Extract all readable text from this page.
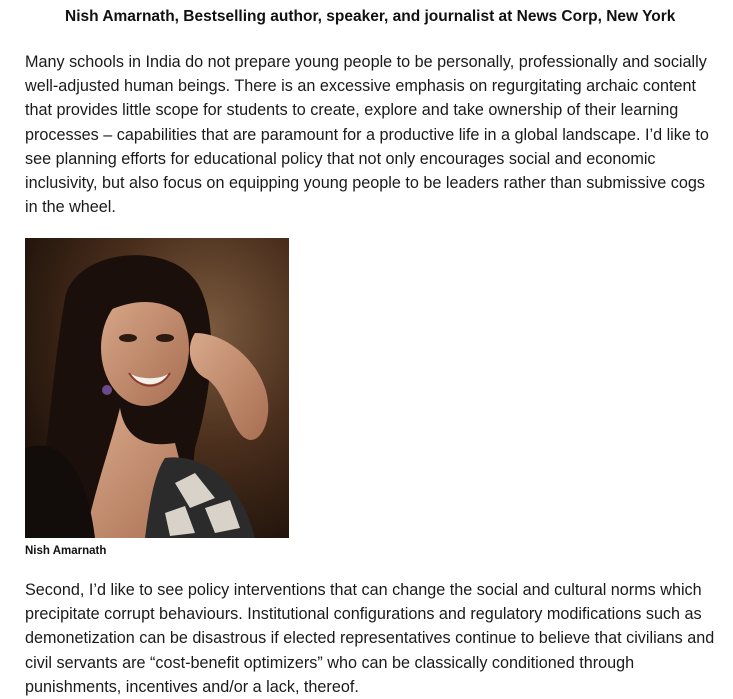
Nish Amarnath, Bestselling author, speaker, and journalist at News Corp, New York

Many schools in India do not prepare young people to be personally, professionally and socially well-adjusted human beings. There is an excessive emphasis on regurgitating archaic content that provides little scope for students to create, explore and take ownership of their learning processes – capabilities that are paramount for a productive life in a global landscape. I’d like to see planning efforts for educational policy that not only encourages social and economic inclusivity, but also focus on equipping young people to be leaders rather than submissive cogs in the wheel.

Nish Amarnath

Second, I’d like to see policy interventions that can change the social and cultural norms which precipitate corrupt behaviours. Institutional configurations and regulatory modifications such as demonetization can be disastrous if elected representatives continue to believe that civilians and civil servants are “cost-benefit optimizers” who can be classically conditioned through punishments, incentives and/or a lack, thereof.
